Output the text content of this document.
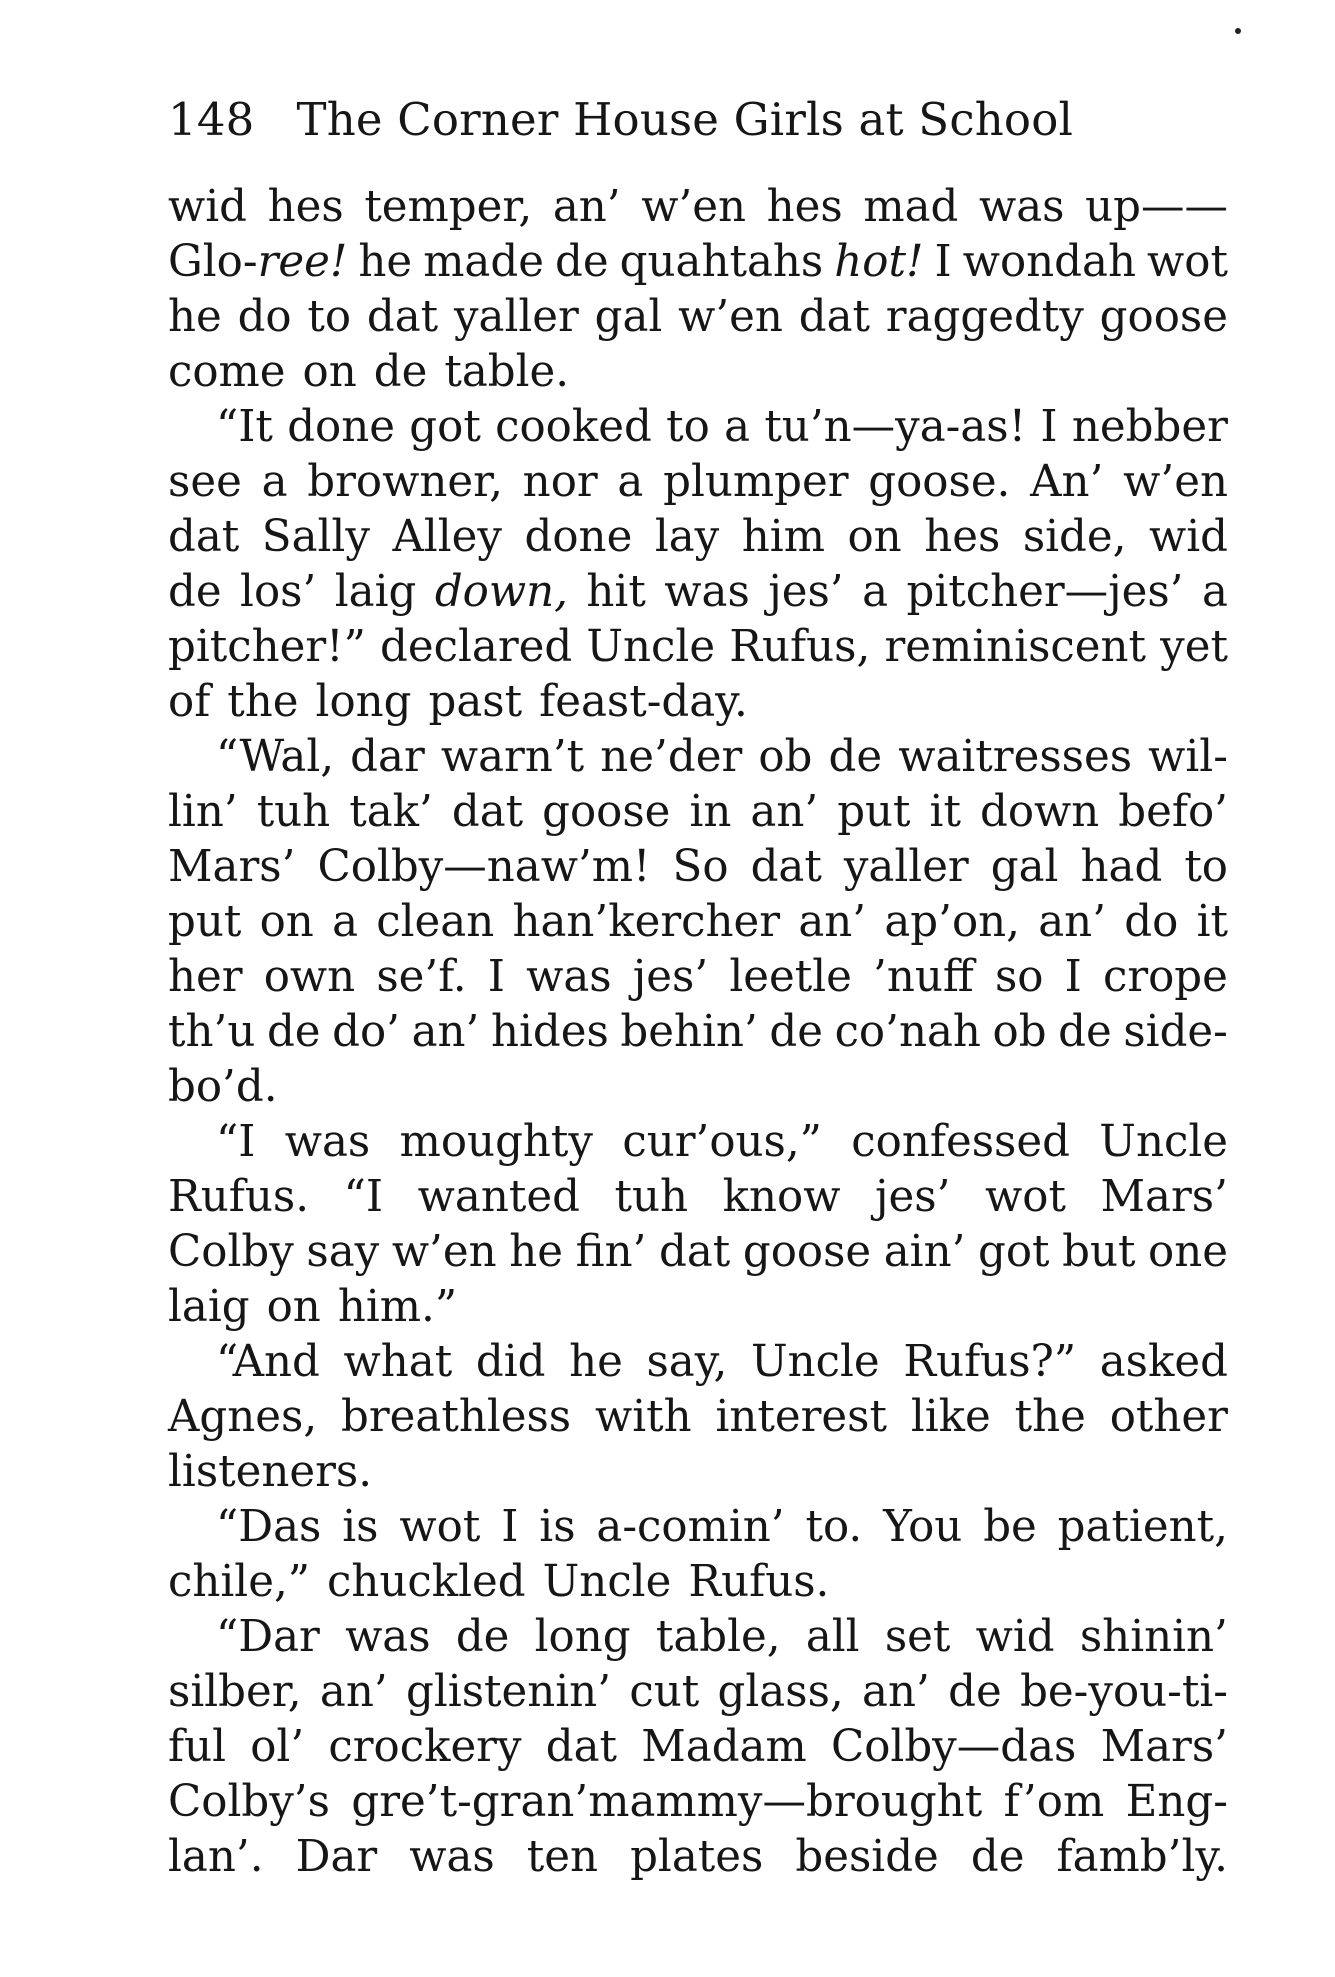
148 The Corner House Girls at School
wid hes temper, an’ w’en hes mad was up——
Glo-ree! he made de quahtahs hot! I wondah wot
he do to dat yaller gal w’en dat raggedty goose
come on de table.
“It done got cooked to a tu’n—ya-as! I nebber
see a browner, nor a plumper goose. An’ w’en
dat Sally Alley done lay him on hes side, wid
de los’ laig down, hit was jes’ a pitcher—jes’ a
pitcher!” declared Uncle Rufus, reminiscent yet
of the long past feast-day.
“Wal, dar warn’t ne’der ob de waitresses wil-
lin’ tuh tak’ dat goose in an’ put it down befo’
Mars’ Colby—naw’m! So dat yaller gal had to
put on a clean han’kercher an’ ap’on, an’ do it
her own se’f. I was jes’ leetle ’nuff so I crope
th’u de do’ an’ hides behin’ de co’nah ob de side-
bo’d.
“I was moughty cur’ous,” confessed Uncle
Rufus. “I wanted tuh know jes’ wot Mars’
Colby say w’en he fin’ dat goose ain’ got but one
laig on him.”
“And what did he say, Uncle Rufus?” asked
Agnes, breathless with interest like the other
listeners.
“Das is wot I is a-comin’ to. You be patient,
chile,” chuckled Uncle Rufus.
“Dar was de long table, all set wid shinin’
silber, an’ glistenin’ cut glass, an’ de be-you-ti-
ful ol’ crockery dat Madam Colby—das Mars’
Colby’s gre’t-gran’mammy—brought f’om Eng-
lan’. Dar was ten plates beside de famb’ly.
